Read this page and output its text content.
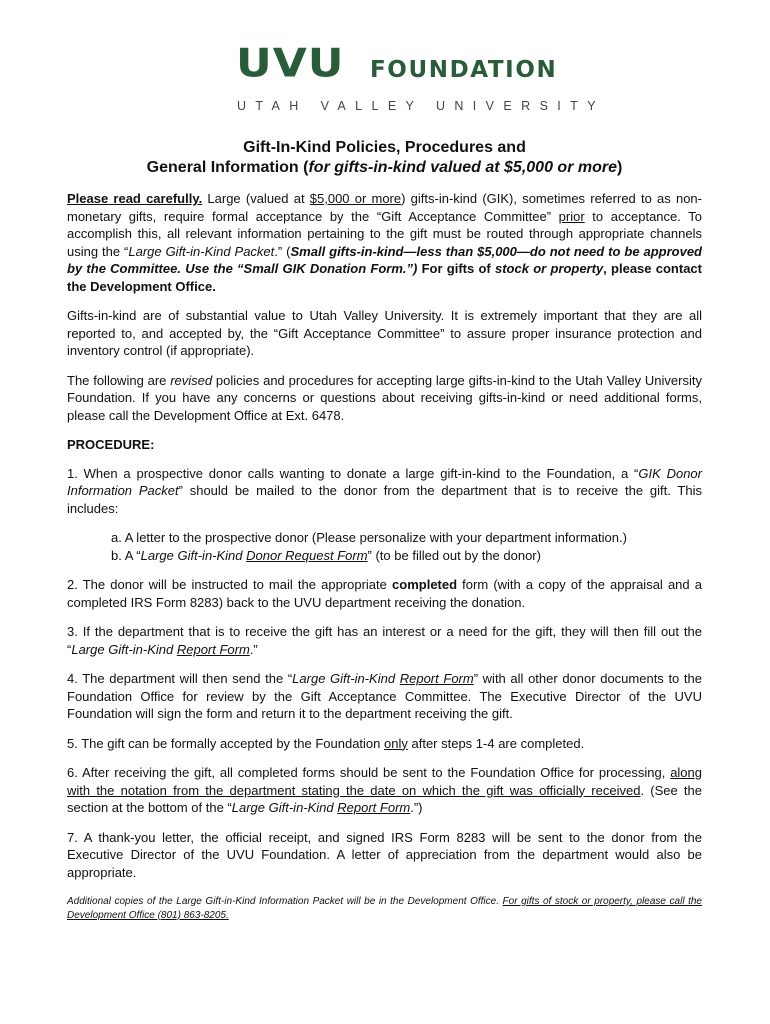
UVU FOUNDATION
UTAH VALLEY UNIVERSITY
Gift-In-Kind Policies, Procedures and
General Information (for gifts-in-kind valued at $5,000 or more)

Please read carefully. Large (valued at $5,000 or more) gifts-in-kind (GIK), sometimes referred to as non-monetary gifts, require formal acceptance by the “Gift Acceptance Committee” prior to acceptance. To accomplish this, all relevant information pertaining to the gift must be routed through appropriate channels using the “Large Gift-in-Kind Packet.” (Small gifts-in-kind—less than $5,000—do not need to be approved by the Committee. Use the “Small GIK Donation Form.”) For gifts of stock or property, please contact the Development Office.

Gifts-in-kind are of substantial value to Utah Valley University. It is extremely important that they are all reported to, and accepted by, the “Gift Acceptance Committee” to assure proper insurance protection and inventory control (if appropriate).

The following are revised policies and procedures for accepting large gifts-in-kind to the Utah Valley University Foundation. If you have any concerns or questions about receiving gifts-in-kind or need additional forms, please call the Development Office at Ext. 6478.

PROCEDURE:

1. When a prospective donor calls wanting to donate a large gift-in-kind to the Foundation, a “GIK Donor Information Packet” should be mailed to the donor from the department that is to receive the gift. This includes:

a. A letter to the prospective donor (Please personalize with your department information.)
b. A “Large Gift-in-Kind Donor Request Form” (to be filled out by the donor)

2. The donor will be instructed to mail the appropriate completed form (with a copy of the appraisal and a completed IRS Form 8283) back to the UVU department receiving the donation.

3. If the department that is to receive the gift has an interest or a need for the gift, they will then fill out the “Large Gift-in-Kind Report Form.”

4. The department will then send the “Large Gift-in-Kind Report Form” with all other donor documents to the Foundation Office for review by the Gift Acceptance Committee. The Executive Director of the UVU Foundation will sign the form and return it to the department receiving the gift.

5. The gift can be formally accepted by the Foundation only after steps 1-4 are completed.

6. After receiving the gift, all completed forms should be sent to the Foundation Office for processing, along with the notation from the department stating the date on which the gift was officially received. (See the section at the bottom of the “Large Gift-in-Kind Report Form.”)

7. A thank-you letter, the official receipt, and signed IRS Form 8283 will be sent to the donor from the Executive Director of the UVU Foundation. A letter of appreciation from the department would also be appropriate.

Additional copies of the Large Gift-in-Kind Information Packet will be in the Development Office. For gifts of stock or property, please call the Development Office (801) 863-8205.
